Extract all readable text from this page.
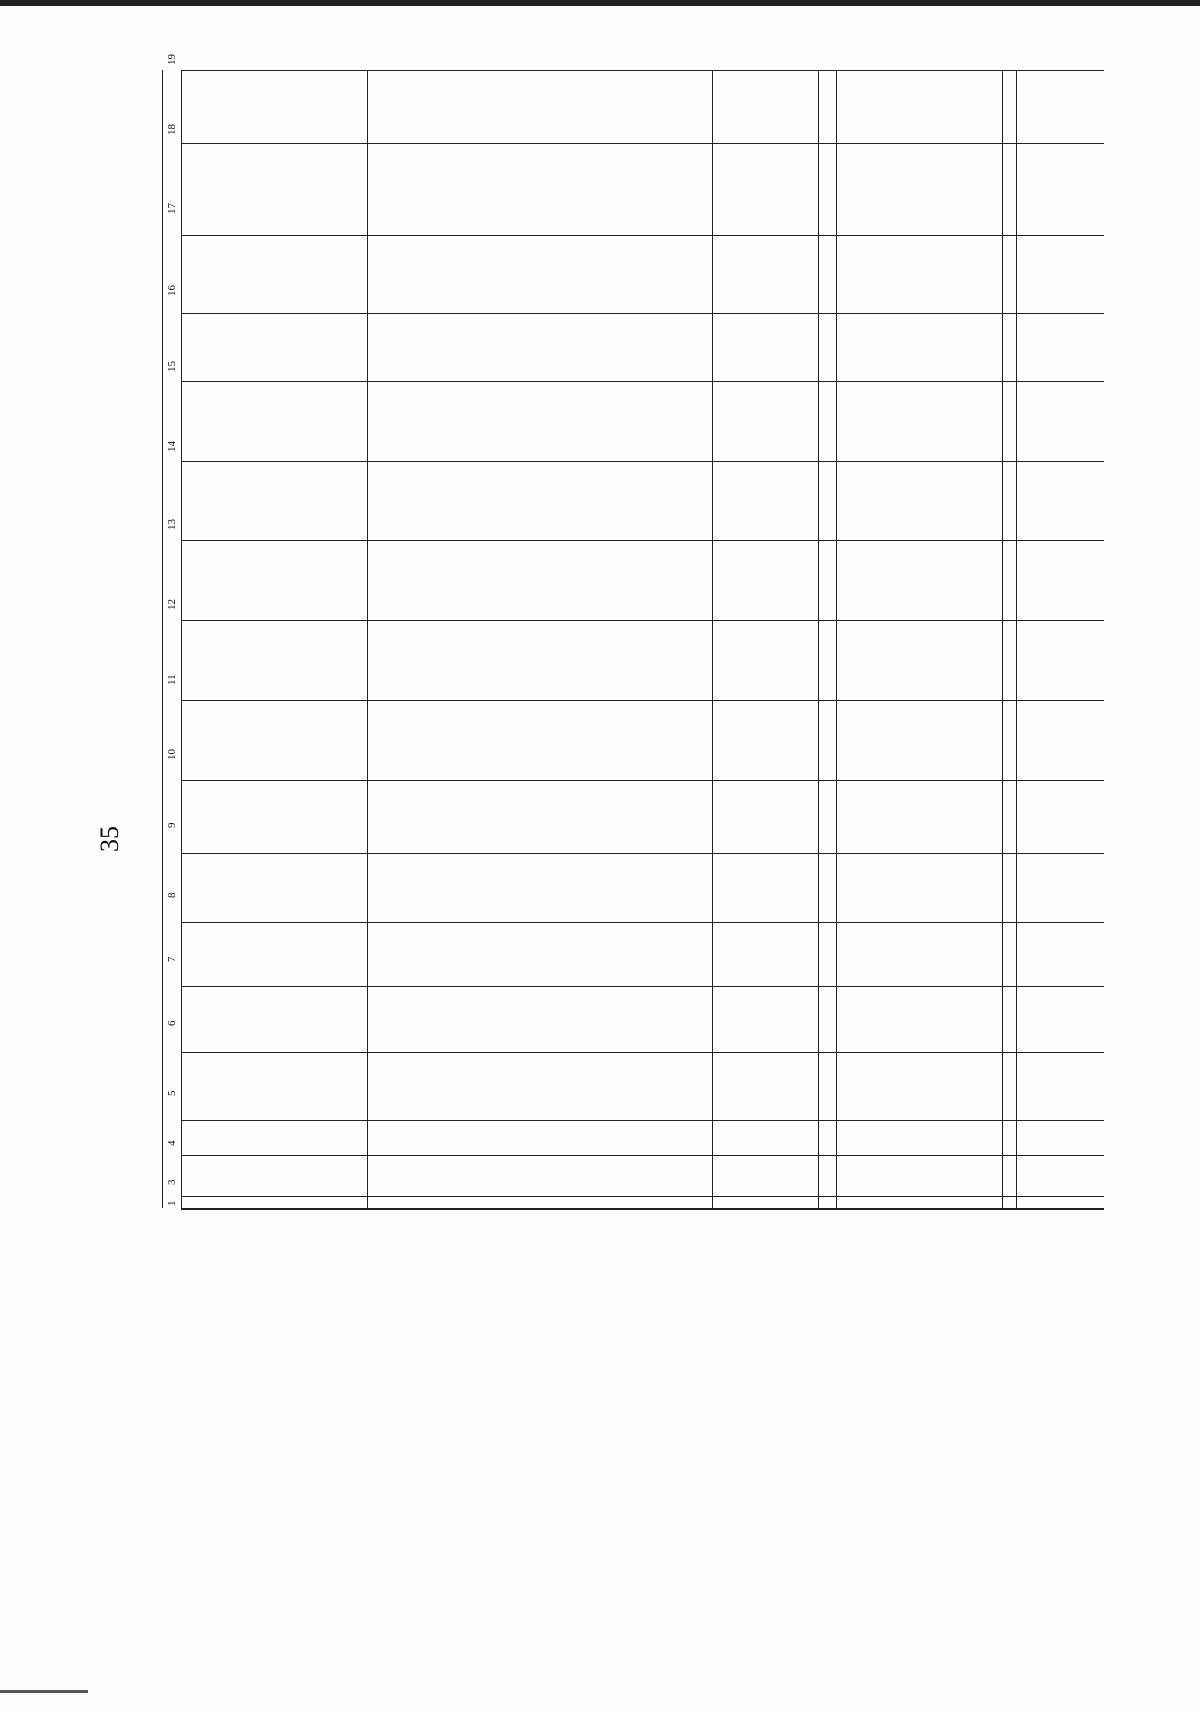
35
1
3
4
5
6
7
8
9
10
11
12
13
14
15
16
17
18
19
